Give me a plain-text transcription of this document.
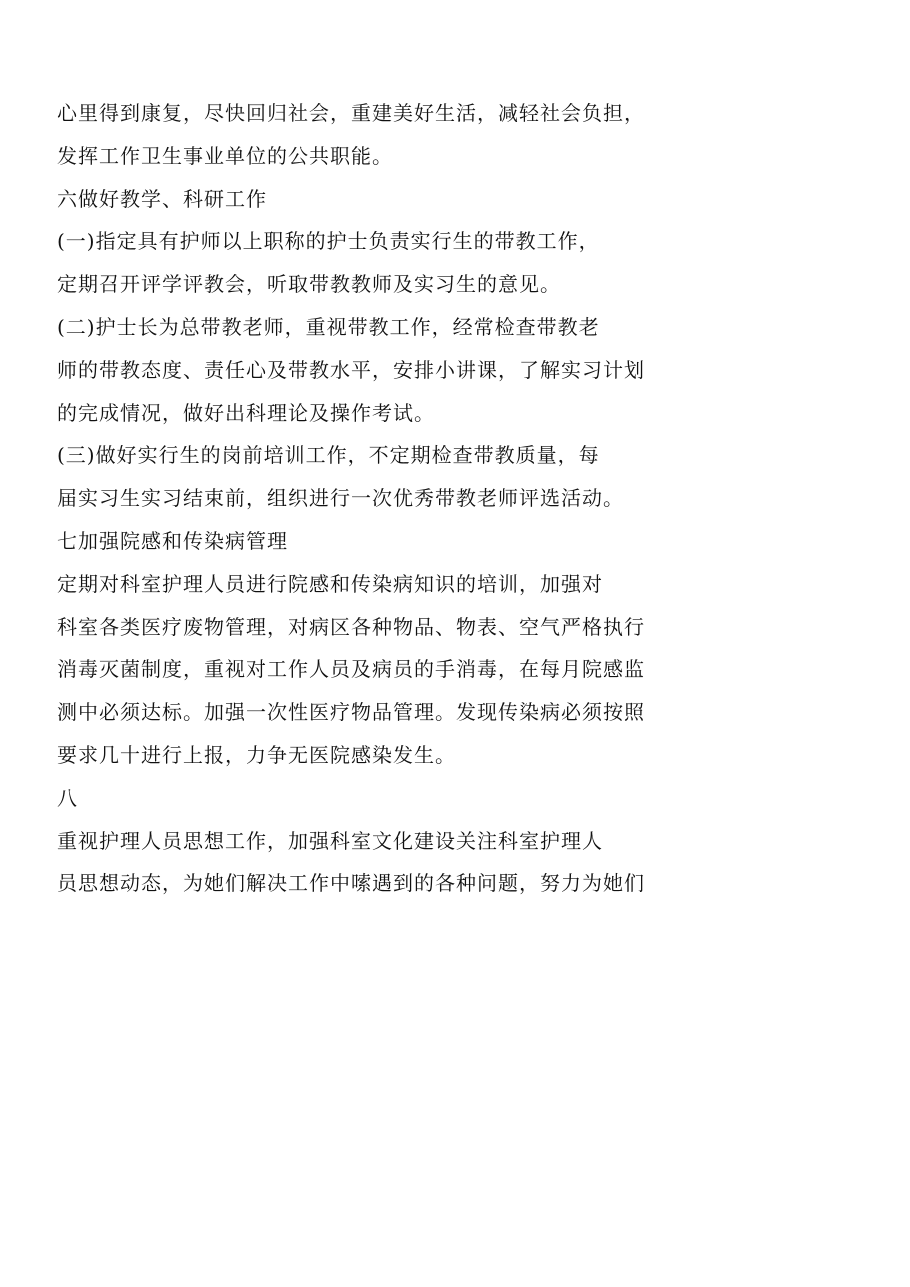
心里得到康复，尽快回归社会，重建美好生活，减轻社会负担，
发挥工作卫生事业单位的公共职能。
六做好教学、科研工作
(一)指定具有护师以上职称的护士负责实行生的带教工作，
定期召开评学评教会，听取带教教师及实习生的意见。
(二)护士长为总带教老师，重视带教工作，经常检查带教老
师的带教态度、责任心及带教水平，安排小讲课，了解实习计划
的完成情况，做好出科理论及操作考试。
(三)做好实行生的岗前培训工作，不定期检查带教质量，每
届实习生实习结束前，组织进行一次优秀带教老师评选活动。
七加强院感和传染病管理
定期对科室护理人员进行院感和传染病知识的培训，加强对
科室各类医疗废物管理，对病区各种物品、物表、空气严格执行
消毒灭菌制度，重视对工作人员及病员的手消毒，在每月院感监
测中必须达标。加强一次性医疗物品管理。发现传染病必须按照
要求几十进行上报，力争无医院感染发生。
八
重视护理人员思想工作，加强科室文化建设关注科室护理人
员思想动态，为她们解决工作中嗦遇到的各种问题，努力为她们
